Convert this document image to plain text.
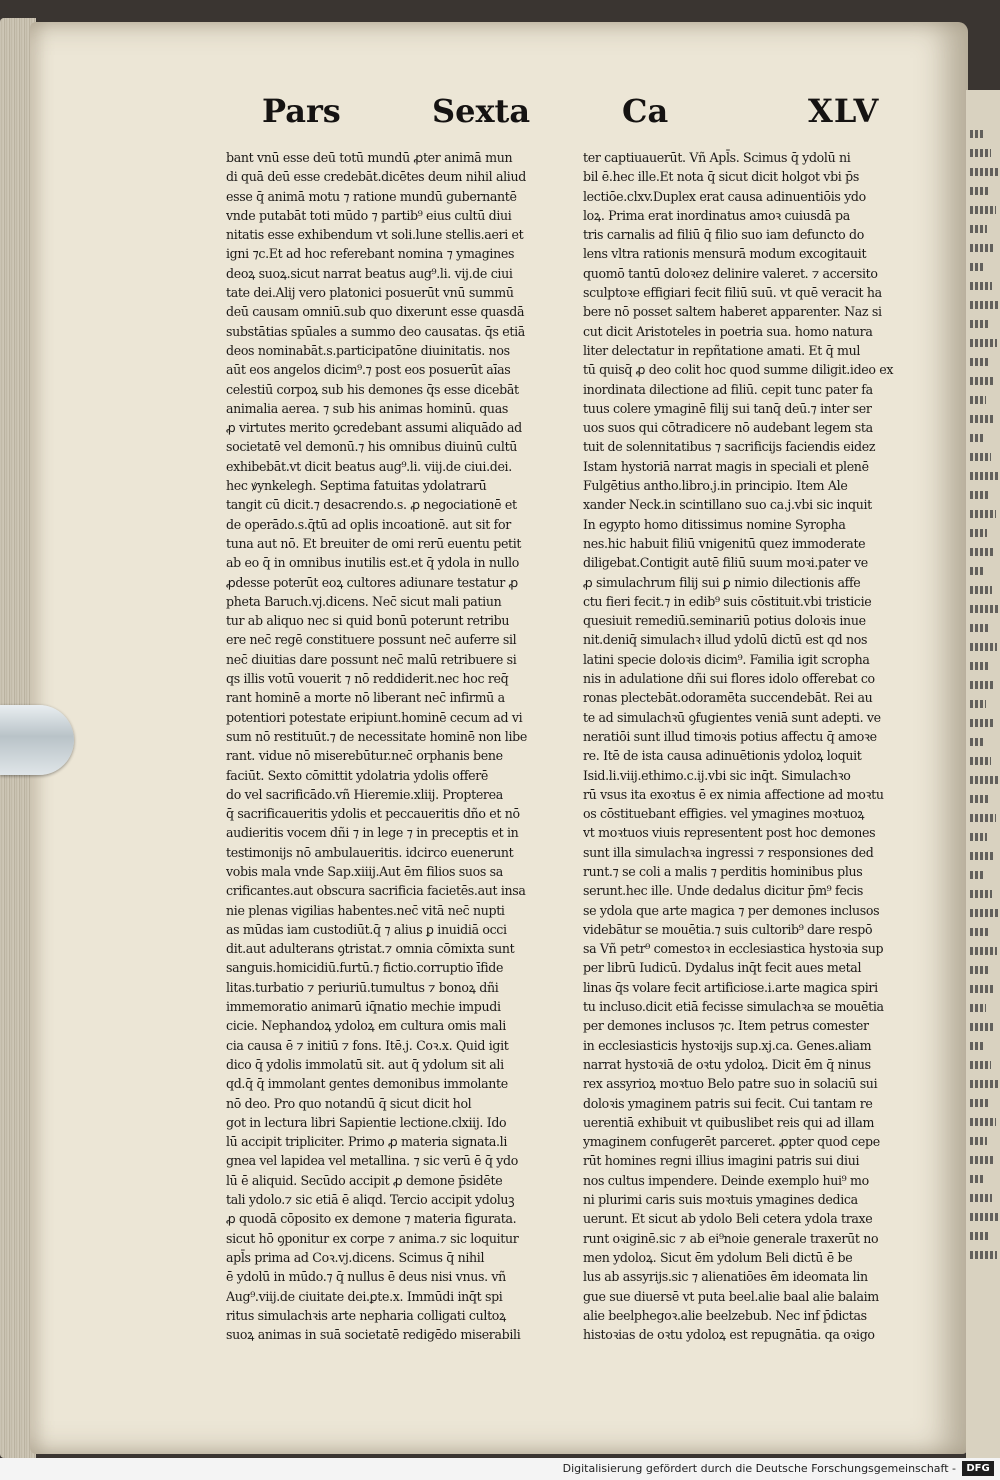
Pars	Sexta	Ca	XLV
bant vnū esse deū totū mundū ꝓter animā mun
di quā deū esse credebāt.dicētes deum nihil aliud
esse q̄ animā motu ⁊ ratione mundū gubernantē
vnde putabāt toti mūdo ⁊ partib⁹ eius cultū diui
nitatis esse exhibendum vt soli.lune stellis.aeri et
igni ⁊c.Et ad hoc referebant nomina ⁊ ymagines
deoꝝ suoꝝ.sicut narrat beatus aug⁹.li. vij.de ciui
tate dei.Alij vero platonici posuerūt vnū summū
deū causam omniū.sub quo dixerunt esse quasdā
substātias spūales a summo deo causatas. q̄s etiā
deos nominabāt.s.participatōne diuinitatis. nos
aūt eos angelos dicim⁹.⁊ post eos posuerūt aīas
celestiū corpoꝝ sub his demones q̄s esse dicebāt
animalia aerea. ⁊ sub his animas hominū. quas
ꝓ virtutes merito ꝯcredebant assumi aliquādo ad
societatē vel demonū.⁊ his omnibus diuinū cultū
exhibebāt.vt dicit beatus aug⁹.li. viij.de ciui.dei.
hec ꝟynkelegh. Septima fatuitas ydolatrarū
tangit cū dicit.⁊ desacrendo.s. ꝓ negociationē et
de operādo.s.q̄tū ad oplis incoationē. aut sit for
tuna aut nō. Et breuiter de omi rerū euentu petit
ab eo q̄ in omnibus inutilis est.et q̄ ydola in nullo
ꝓdesse poterūt eoꝝ cultores adiunare testatur ꝓ
pheta Baruch.vj.dicens. Nec̄ sicut mali patiun
tur ab aliquo nec si quid bonū poterunt retribu
ere nec̄ regē constituere possunt nec̄ auferre sil
nec̄ diuitias dare possunt nec̄ malū retribuere si
qs illis votū vouerit ⁊ nō reddiderit.nec hoc req̄
rant hominē a morte nō liberant nec̄ infirmū a
potentiori potestate eripiunt.hominē cecum ad vi
sum nō restituūt.⁊ de necessitate hominē non libe
rant. vidue nō miserebūtur.nec̄ orphanis bene
faciūt. Sexto cōmittit ydolatria ydolis offerē
do vel sacrificādo.vñ Hieremie.xliij. Propterea
q̄ sacrificaueritis ydolis et peccaueritis dño et nō
audieritis vocem dñi ⁊ in lege ⁊ in preceptis et in
testimonijs nō ambulaueritis. idcirco euenerunt
vobis mala vnde Sap.xiiij.Aut ēm filios suos sa
crificantes.aut obscura sacrificia facietēs.aut insa
nie plenas vigilias habentes.nec̄ vitā nec̄ nupti
as mūdas iam custodiūt.q̄ ⁊ alius ꝑ inuidiā occi
dit.aut adulterans ꝯtristat.⁊ omnia cōmixta sunt
sanguis.homicidiū.furtū.⁊ fictio.corruptio īfide
litas.turbatio ⁊ periuriū.tumultus ⁊ bonoꝝ dñi
immemoratio animarū iq̄natio mechie impudi
cicie. Nephandoꝝ ydoloꝝ em cultura omis mali
cia causa ē ⁊ initiū ⁊ fons. Itē.j. Coꝛ.x. Quid igit
dico q̄ ydolis immolatū sit. aut q̄ ydolum sit ali
qd.q̄ q̄ immolant gentes demonibus immolante
nō deo. Pro quo notandū q̄ sicut dicit hol
got in lectura libri Sapientie lectione.clxiij. Ido
lū accipit tripliciter. Primo ꝓ materia signata.li
gnea vel lapidea vel metallina. ⁊ sic verū ē q̄ ydo
lū ē aliquid. Secūdo accipit ꝓ demone p̄sidēte
tali ydolo.⁊ sic etiā ē aliqd. Tercio accipit ydoluꝫ
ꝓ quodā cōposito ex demone ⁊ materia figurata.
sicut hō ꝯponitur ex corpe ⁊ anima.⁊ sic loquitur
apl̄s prima ad Coꝛ.vj.dicens. Scimus q̄ nihil
ē ydolū in mūdo.⁊ q̄ nullus ē deus nisi vnus. vñ
Aug⁹.viij.de ciuitate dei.ꝑte.x. Immūdi inq̄t spi
ritus simulachꝛis arte nepharia colligati cultoꝝ
suoꝝ animas in suā societatē redigēdo miserabili
ter captiuauerūt. Vñ Apl̄s. Scimus q̄ ydolū ni
bil ē.hec ille.Et nota q̄ sicut dicit holgot vbi p̄s
lectiōe.clxv.Duplex erat causa adinuentiōis ydo
loꝝ. Prima erat inordinatus amoꝛ cuiusdā pa
tris carnalis ad filiū q̄ filio suo iam defuncto do
lens vltra rationis mensurā modum excogitauit
quomō tantū doloꝛez delinire valeret. ⁊ accersito
sculptoꝛe effigiari fecit filiū suū. vt quē veracit ha
bere nō posset saltem haberet apparenter. Naz si
cut dicit Aristoteles in poetria sua. homo natura
liter delectatur in repñtatione amati. Et q̄ mul
tū quisq̄ ꝓ deo colit hoc quod summe diligit.ideo ex
inordinata dilectione ad filiū. cepit tunc pater fa
tuus colere ymaginē filij sui tanq̄ deū.⁊ inter ser
uos suos qui cōtradicere nō audebant legem sta
tuit de solennitatibus ⁊ sacrificijs faciendis eidez
Istam hystoriā narrat magis in speciali et plenē
Fulgētius antho.libro.j.in principio. Item Ale
xander Neck.in scintillano suo ca.j.vbi sic inquit
In egypto homo ditissimus nomine Syropha
nes.hic habuit filiū vnigenitū quez immoderate
diligebat.Contigit autē filiū suum moꝛi.pater ve
ꝓ simulachrum filij sui ꝑ nimio dilectionis affe
ctu fieri fecit.⁊ in edib⁹ suis cōstituit.vbi tristicie
quesiuit remediū.seminariū potius doloꝛis inue
nit.deniq̄ simulachꝛ illud ydolū dictū est qd nos
latini specie doloꝛis dicim⁹. Familia igit scropha
nis in adulatione dñi sui flores idolo offerebat co
ronas plectebāt.odoramēta succendebāt. Rei au
te ad simulachꝛū ꝯfugientes veniā sunt adepti. ve
neratiōi sunt illud timoꝛis potius affectu q̄ amoꝛe
re. Itē de ista causa adinuētionis ydoloꝝ loquit
Isid.li.viij.ethimo.c.ij.vbi sic inq̄t. Simulachꝛo
rū vsus ita exoꝛtus ē ex nimia affectione ad moꝛtu
os cōstituebant effigies. vel ymagines moꝛtuoꝝ
vt moꝛtuos viuis representent post hoc demones
sunt illa simulachꝛa ingressi ⁊ responsiones ded
runt.⁊ se coli a malis ⁊ perditis hominibus plus
serunt.hec ille. Unde dedalus dicitur p̄m⁹ fecis
se ydola que arte magica ⁊ per demones inclusos
videbātur se mouētia.⁊ suis cultorib⁹ dare respō
sa Vñ petr⁹ comestoꝛ in ecclesiastica hystoꝛia sup
per librū Iudicū. Dydalus inq̄t fecit aues metal
linas q̄s volare fecit artificiose.i.arte magica spiri
tu incluso.dicit etiā fecisse simulachꝛa se mouētia
per demones inclusos ⁊c. Item petrus comester
in ecclesiasticis hystoꝛijs sup.xj.ca. Genes.aliam
narrat hystoꝛiā de oꝛtu ydoloꝝ. Dicit ēm q̄ ninus
rex assyrioꝝ moꝛtuo Belo patre suo in solaciū sui
doloꝛis ymaginem patris sui fecit. Cui tantam re
uerentiā exhibuit vt quibuslibet reis qui ad illam
ymaginem confugerēt parceret. ꝓpter quod cepe
rūt homines regni illius imagini patris sui diui
nos cultus impendere. Deinde exemplo hui⁹ mo
ni plurimi caris suis moꝛtuis ymagines dedica
uerunt. Et sicut ab ydolo Beli cetera ydola traxe
runt oꝛiginē.sic ⁊ ab ei⁹noie generale traxerūt no
men ydoloꝝ. Sicut ēm ydolum Beli dictū ē be
lus ab assyrijs.sic ⁊ alienatiōes ēm ideomata lin
gue sue diuersē vt puta beel.alie baal alie balaim
alie beelphegoꝛ.alie beelzebub. Nec inf p̄dictas
histoꝛias de oꝛtu ydoloꝝ est repugnātia. qa oꝛigo
Digitalisierung gefördert durch die Deutsche Forschungsgemeinschaft -	DFG
